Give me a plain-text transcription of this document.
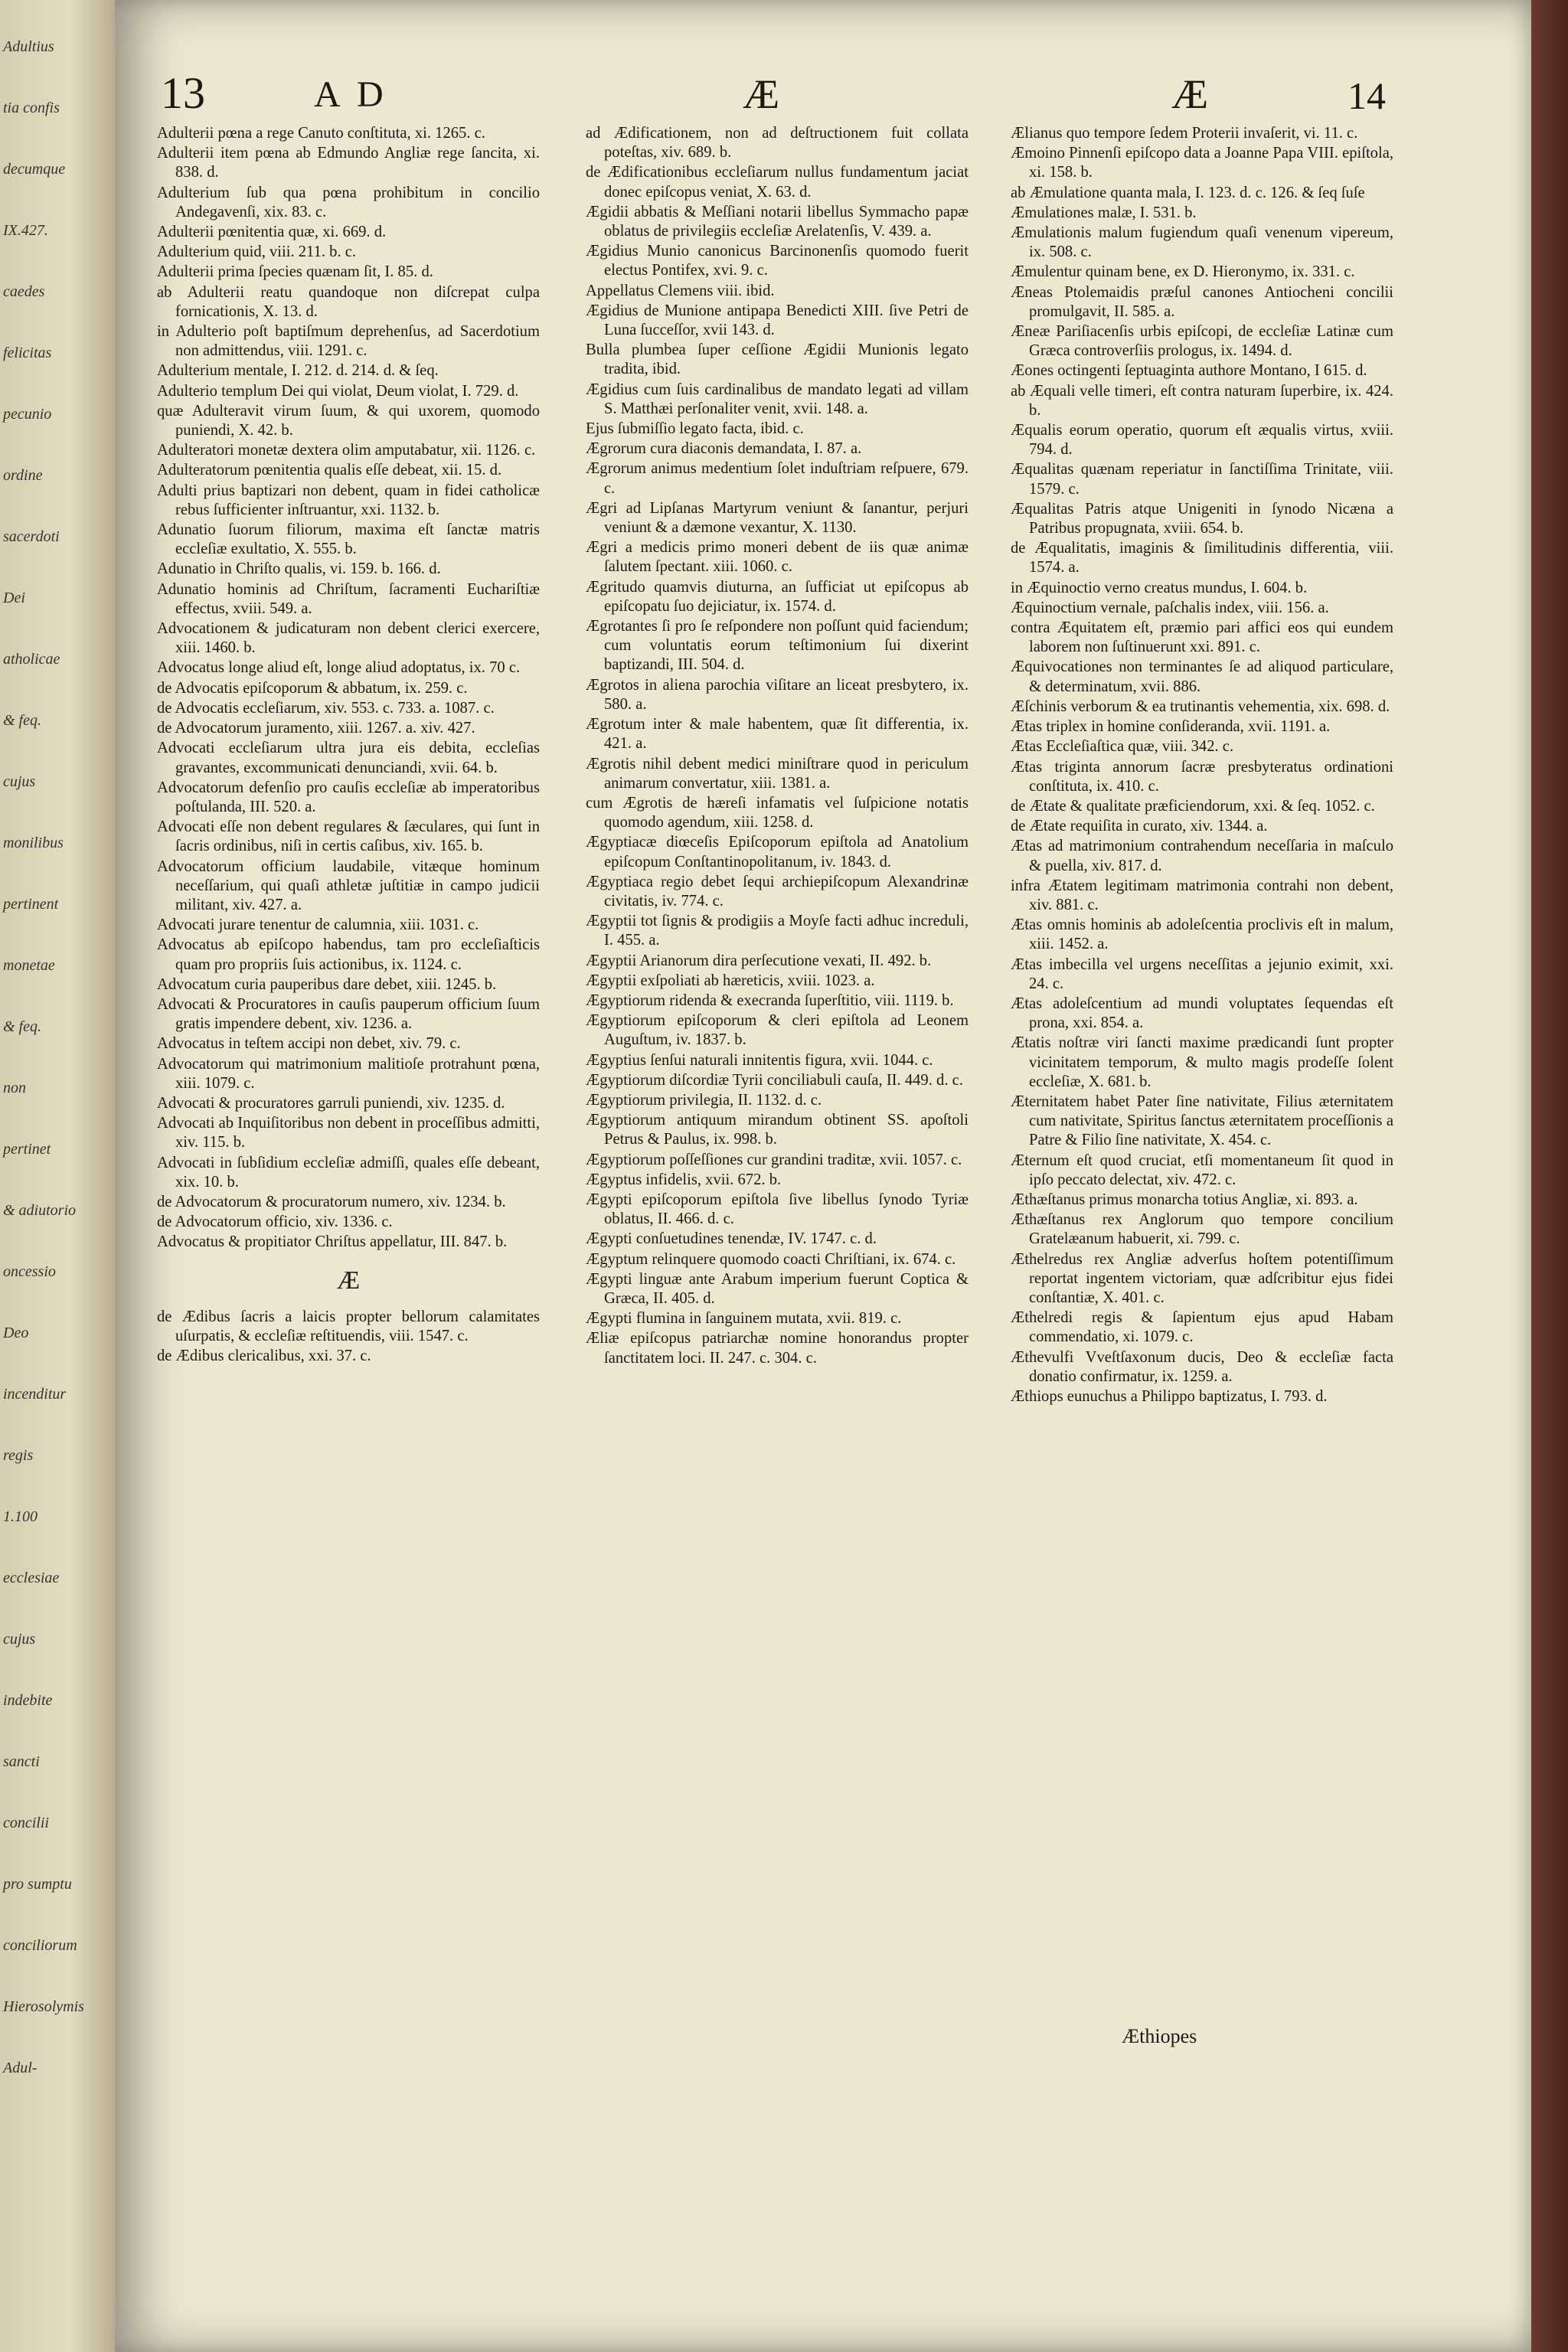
Adultius
tia confis
decumque
IX.427.
caedes
felicitas
pecunio
ordine
sacerdoti
Dei
atholicae
& feq.
cujus
monilibus
pertinent
monetae
& feq.
non
pertinet
& adiutorio
oncessio
Deo
incenditur
regis
1.100
ecclesiae
cujus
indebite
sancti
concilii
pro sumptu
conciliorum
Hierosolymis
Adul-
13	A D	Æ	Æ	14

Adulterii pœna a rege Canuto conſtituta, xi. 1265. c.

Adulterii item pœna ab Edmundo Angliæ rege ſancita, xi. 838. d.

Adulterium ſub qua pœna prohibitum in concilio Andegavenſi, xix. 83. c.

Adulterii pœnitentia quæ, xi. 669. d.

Adulterium quid, viii. 211. b. c.

Adulterii prima ſpecies quænam ſit, I. 85. d.

ab Adulterii reatu quandoque non diſcrepat culpa fornicationis, X. 13. d.

in Adulterio poſt baptiſmum deprehenſus, ad Sacerdotium non admittendus, viii. 1291. c.

Adulterium mentale, I. 212. d. 214. d. & ſeq.

Adulterio templum Dei qui violat, Deum violat, I. 729. d.

quæ Adulteravit virum ſuum, & qui uxorem, quomodo puniendi, X. 42. b.

Adulteratori monetæ dextera olim amputabatur, xii. 1126. c.

Adulteratorum pœnitentia qualis eſſe debeat, xii. 15. d.

Adulti prius baptizari non debent, quam in fidei catholicæ rebus ſufficienter inſtruantur, xxi. 1132. b.

Adunatio ſuorum filiorum, maxima eſt ſanctæ matris eccleſiæ exultatio, X. 555. b.

Adunatio in Chriſto qualis, vi. 159. b. 166. d.

Adunatio hominis ad Chriſtum, ſacramenti Euchariſtiæ effectus, xviii. 549. a.

Advocationem & judicaturam non debent clerici exercere, xiii. 1460. b.

Advocatus longe aliud eſt, longe aliud adoptatus, ix. 70 c.

de Advocatis epiſcoporum & abbatum, ix. 259. c.

de Advocatis eccleſiarum, xiv. 553. c. 733. a. 1087. c.

de Advocatorum juramento, xiii. 1267. a. xiv. 427.

Advocati eccleſiarum ultra jura eis debita, eccleſias gravantes, excommunicati denunciandi, xvii. 64. b.

Advocatorum defenſio pro cauſis eccleſiæ ab imperatoribus poſtulanda, III. 520. a.

Advocati eſſe non debent regulares & ſæculares, qui ſunt in ſacris ordinibus, niſi in certis caſibus, xiv. 165. b.

Advocatorum officium laudabile, vitæque hominum neceſſarium, qui quaſi athletæ juſtitiæ in campo judicii militant, xiv. 427. a.

Advocati jurare tenentur de calumnia, xiii. 1031. c.

Advocatus ab epiſcopo habendus, tam pro eccleſiaſticis quam pro propriis ſuis actionibus, ix. 1124. c.

Advocatum curia pauperibus dare debet, xiii. 1245. b.

Advocati & Procuratores in cauſis pauperum officium ſuum gratis impendere debent, xiv. 1236. a.

Advocatus in teſtem accipi non debet, xiv. 79. c.

Advocatorum qui matrimonium malitioſe protrahunt pœna, xiii. 1079. c.

Advocati & procuratores garruli puniendi, xiv. 1235. d.

Advocati ab Inquiſitoribus non debent in proceſſibus admitti, xiv. 115. b.

Advocati in ſubſidium eccleſiæ admiſſi, quales eſſe debeant, xix. 10. b.

de Advocatorum & procuratorum numero, xiv. 1234. b.

de Advocatorum officio, xiv. 1336. c.

Advocatus & propitiator Chriſtus appellatur, III. 847. b.

Æ

de Ædibus ſacris a laicis propter bellorum calamitates uſurpatis, & eccleſiæ reſtituendis, viii. 1547. c.

de Ædibus clericalibus, xxi. 37. c.

ad Ædificationem, non ad deſtructionem fuit collata poteſtas, xiv. 689. b.

de Ædificationibus eccleſiarum nullus fundamentum jaciat donec epiſcopus veniat, X. 63. d.

Ægidii abbatis & Meſſiani notarii libellus Symmacho papæ oblatus de privilegiis eccleſiæ Arelatenſis, V. 439. a.

Ægidius Munio canonicus Barcinonenſis quomodo fuerit electus Pontifex, xvi. 9. c.

Appellatus Clemens viii. ibid.

Ægidius de Munione antipapa Benedicti XIII. ſive Petri de Luna ſucceſſor, xvii 143. d.

Bulla plumbea ſuper ceſſione Ægidii Munionis legato tradita, ibid.

Ægidius cum ſuis cardinalibus de mandato legati ad villam S. Matthæi perſonaliter venit, xvii. 148. a.

Ejus ſubmiſſio legato facta, ibid. c.

Ægrorum cura diaconis demandata, I. 87. a.

Ægrorum animus medentium ſolet induſtriam reſpuere, 679. c.

Ægri ad Lipſanas Martyrum veniunt & ſanantur, perjuri veniunt & a dæmone vexantur, X. 1130.

Ægri a medicis primo moneri debent de iis quæ animæ ſalutem ſpectant. xiii. 1060. c.

Ægritudo quamvis diuturna, an ſufficiat ut epiſcopus ab epiſcopatu ſuo dejiciatur, ix. 1574. d.

Ægrotantes ſi pro ſe reſpondere non poſſunt quid faciendum; cum voluntatis eorum teſtimonium ſui dixerint baptizandi, III. 504. d.

Ægrotos in aliena parochia viſitare an liceat presbytero, ix. 580. a.

Ægrotum inter & male habentem, quæ ſit differentia, ix. 421. a.

Ægrotis nihil debent medici miniſtrare quod in periculum animarum convertatur, xiii. 1381. a.

cum Ægrotis de hæreſi infamatis vel ſuſpicione notatis quomodo agendum, xiii. 1258. d.

Ægyptiacæ diœceſis Epiſcoporum epiſtola ad Anatolium epiſcopum Conſtantinopolitanum, iv. 1843. d.

Ægyptiaca regio debet ſequi archiepiſcopum Alexandrinæ civitatis, iv. 774. c.

Ægyptii tot ſignis & prodigiis a Moyſe facti adhuc increduli, I. 455. a.

Ægyptii Arianorum dira perſecutione vexati, II. 492. b.

Ægyptii exſpoliati ab hæreticis, xviii. 1023. a.

Ægyptiorum ridenda & execranda ſuperſtitio, viii. 1119. b.

Ægyptiorum epiſcoporum & cleri epiſtola ad Leonem Auguſtum, iv. 1837. b.

Ægyptius ſenſui naturali innitentis figura, xvii. 1044. c.

Ægyptiorum diſcordiæ Tyrii conciliabuli cauſa, II. 449. d. c.

Ægyptiorum privilegia, II. 1132. d. c.

Ægyptiorum antiquum mirandum obtinent SS. apoſtoli Petrus & Paulus, ix. 998. b.

Ægyptiorum poſſeſſiones cur grandini traditæ, xvii. 1057. c.

Ægyptus infidelis, xvii. 672. b.

Ægypti epiſcoporum epiſtola ſive libellus ſynodo Tyriæ oblatus, II. 466. d. c.

Ægypti conſuetudines tenendæ, IV. 1747. c. d.

Ægyptum relinquere quomodo coacti Chriſtiani, ix. 674. c.

Ægypti linguæ ante Arabum imperium fuerunt Coptica & Græca, II. 405. d.

Ægypti flumina in ſanguinem mutata, xvii. 819. c.

Æliæ epiſcopus patriarchæ nomine honorandus propter ſanctitatem loci. II. 247. c. 304. c.

Ælianus quo tempore ſedem Proterii invaſerit, vi. 11. c.

Æmoino Pinnenſi epiſcopo data a Joanne Papa VIII. epiſtola, xi. 158. b.

ab Æmulatione quanta mala, I. 123. d. c. 126. & ſeq ſuſe

Æmulationes malæ, I. 531. b.

Æmulationis malum fugiendum quaſi venenum vipereum, ix. 508. c.

Æmulentur quinam bene, ex D. Hieronymo, ix. 331. c.

Æneas Ptolemaidis præſul canones Antiocheni concilii promulgavit, II. 585. a.

Æneæ Pariſiacenſis urbis epiſcopi, de eccleſiæ Latinæ cum Græca controverſiis prologus, ix. 1494. d.

Æones octingenti ſeptuaginta authore Montano, I 615. d.

ab Æquali velle timeri, eſt contra naturam ſuperbire, ix. 424. b.

Æqualis eorum operatio, quorum eſt æqualis virtus, xviii. 794. d.

Æqualitas quænam reperiatur in ſanctiſſima Trinitate, viii. 1579. c.

Æqualitas Patris atque Unigeniti in ſynodo Nicæna a Patribus propugnata, xviii. 654. b.

de Æqualitatis, imaginis & ſimilitudinis differentia, viii. 1574. a.

in Æquinoctio verno creatus mundus, I. 604. b.

Æquinoctium vernale, paſchalis index, viii. 156. a.

contra Æquitatem eſt, præmio pari affici eos qui eundem laborem non ſuſtinuerunt xxi. 891. c.

Æquivocationes non terminantes ſe ad aliquod particulare, & determinatum, xvii. 886.

Æſchinis verborum & ea trutinantis vehementia, xix. 698. d.

Ætas triplex in homine conſideranda, xvii. 1191. a.

Ætas Eccleſiaſtica quæ, viii. 342. c.

Ætas triginta annorum ſacræ presbyteratus ordinationi conſtituta, ix. 410. c.

de Ætate & qualitate præficiendorum, xxi. & ſeq. 1052. c.

de Ætate requiſita in curato, xiv. 1344. a.

Ætas ad matrimonium contrahendum neceſſaria in maſculo & puella, xiv. 817. d.

infra Ætatem legitimam matrimonia contrahi non debent, xiv. 881. c.

Ætas omnis hominis ab adoleſcentia proclivis eſt in malum, xiii. 1452. a.

Ætas imbecilla vel urgens neceſſitas a jejunio eximit, xxi. 24. c.

Ætas adoleſcentium ad mundi voluptates ſequendas eſt prona, xxi. 854. a.

Ætatis noſtræ viri ſancti maxime prædicandi ſunt propter vicinitatem temporum, & multo magis prodeſſe ſolent eccleſiæ, X. 681. b.

Æternitatem habet Pater ſine nativitate, Filius æternitatem cum nativitate, Spiritus ſanctus æternitatem proceſſionis a Patre & Filio ſine nativitate, X. 454. c.

Æternum eſt quod cruciat, etſi momentaneum ſit quod in ipſo peccato delectat, xiv. 472. c.

Æthæſtanus primus monarcha totius Angliæ, xi. 893. a.

Æthæſtanus rex Anglorum quo tempore concilium Gratelæanum habuerit, xi. 799. c.

Æthelredus rex Angliæ adverſus hoſtem potentiſſimum reportat ingentem victoriam, quæ adſcribitur ejus fidei conſtantiæ, X. 401. c.

Æthelredi regis & ſapientum ejus apud Habam commendatio, xi. 1079. c.

Æthevulfi Vveſtſaxonum ducis, Deo & eccleſiæ facta donatio confirmatur, ix. 1259. a.

Æthiops eunuchus a Philippo baptizatus, I. 793. d.

Æthiopes
